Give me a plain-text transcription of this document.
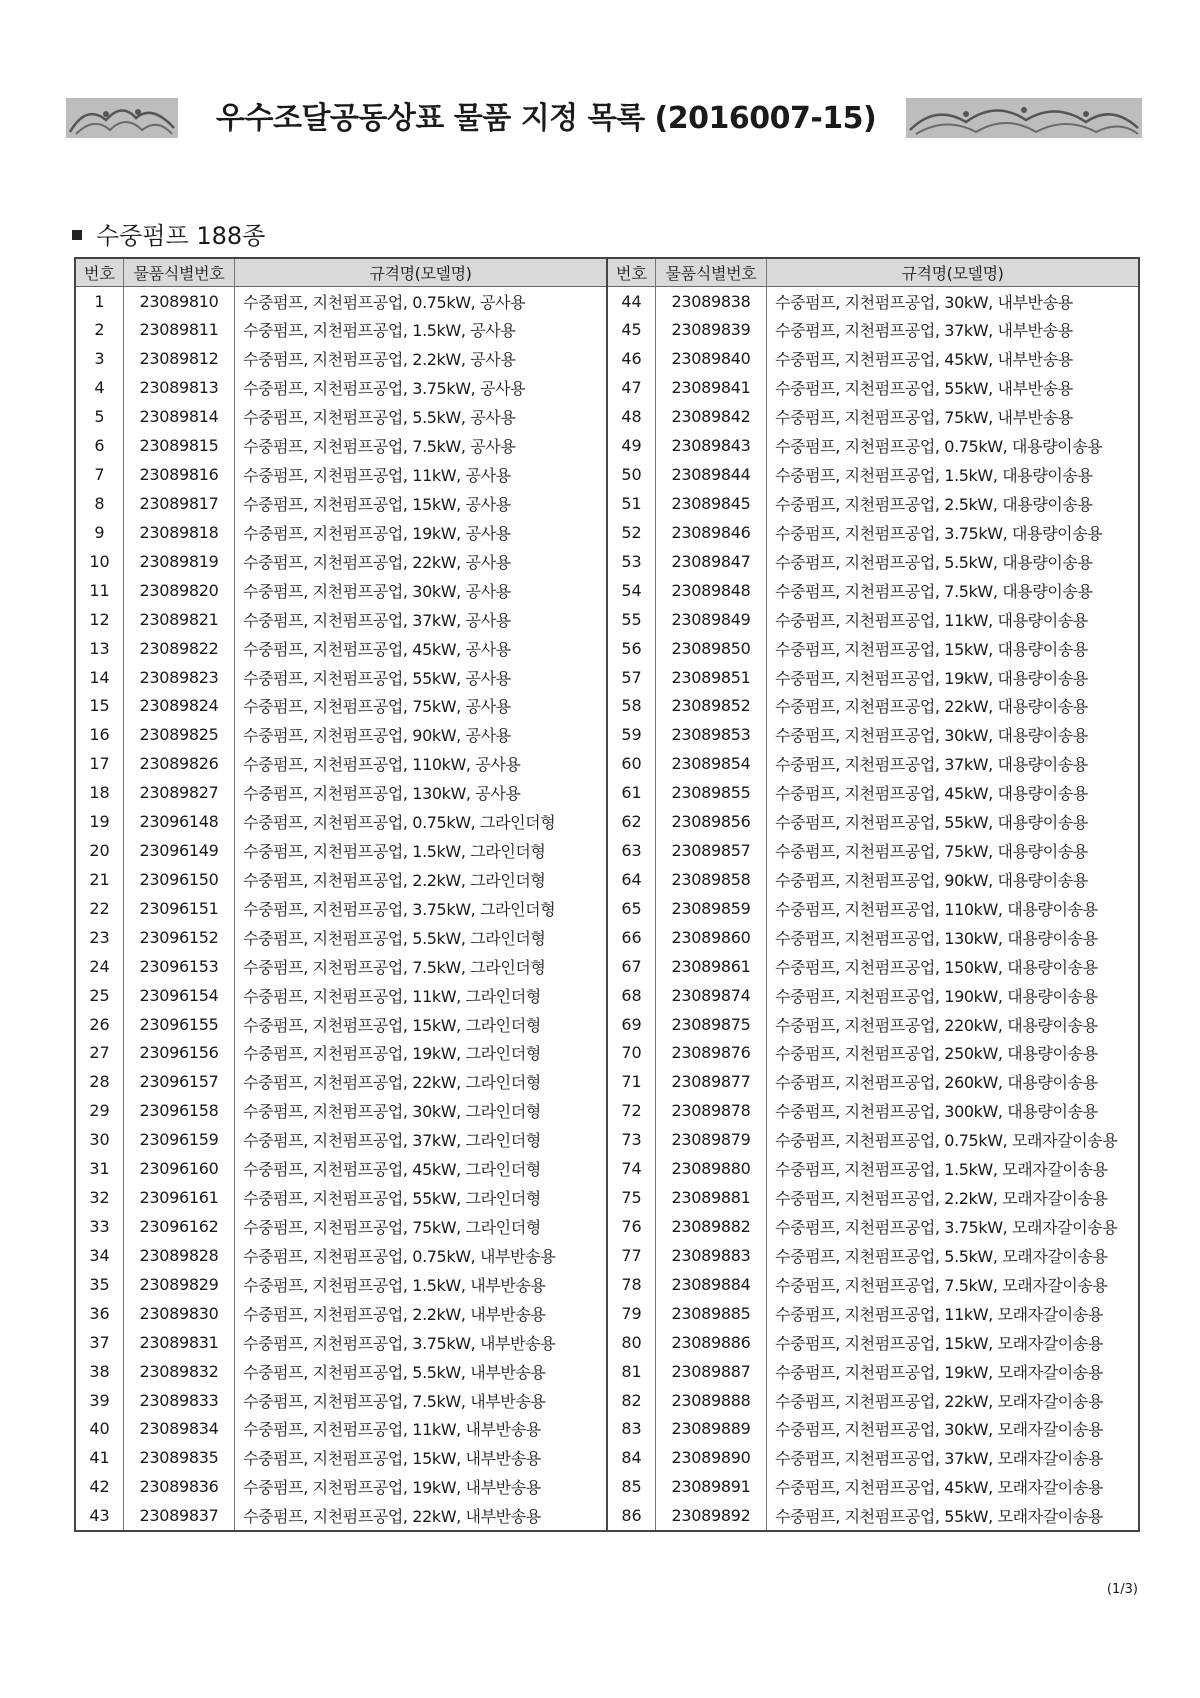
우수조달공동상표 물품 지정 목록 (2016007-15)
수중펌프 188종
번호	물품식별번호	규격명(모델명)
1	23089810	수중펌프, 지천펌프공업, 0.75kW, 공사용
2	23089811	수중펌프, 지천펌프공업, 1.5kW, 공사용
3	23089812	수중펌프, 지천펌프공업, 2.2kW, 공사용
4	23089813	수중펌프, 지천펌프공업, 3.75kW, 공사용
5	23089814	수중펌프, 지천펌프공업, 5.5kW, 공사용
6	23089815	수중펌프, 지천펌프공업, 7.5kW, 공사용
7	23089816	수중펌프, 지천펌프공업, 11kW, 공사용
8	23089817	수중펌프, 지천펌프공업, 15kW, 공사용
9	23089818	수중펌프, 지천펌프공업, 19kW, 공사용
10	23089819	수중펌프, 지천펌프공업, 22kW, 공사용
11	23089820	수중펌프, 지천펌프공업, 30kW, 공사용
12	23089821	수중펌프, 지천펌프공업, 37kW, 공사용
13	23089822	수중펌프, 지천펌프공업, 45kW, 공사용
14	23089823	수중펌프, 지천펌프공업, 55kW, 공사용
15	23089824	수중펌프, 지천펌프공업, 75kW, 공사용
16	23089825	수중펌프, 지천펌프공업, 90kW, 공사용
17	23089826	수중펌프, 지천펌프공업, 110kW, 공사용
18	23089827	수중펌프, 지천펌프공업, 130kW, 공사용
19	23096148	수중펌프, 지천펌프공업, 0.75kW, 그라인더형
20	23096149	수중펌프, 지천펌프공업, 1.5kW, 그라인더형
21	23096150	수중펌프, 지천펌프공업, 2.2kW, 그라인더형
22	23096151	수중펌프, 지천펌프공업, 3.75kW, 그라인더형
23	23096152	수중펌프, 지천펌프공업, 5.5kW, 그라인더형
24	23096153	수중펌프, 지천펌프공업, 7.5kW, 그라인더형
25	23096154	수중펌프, 지천펌프공업, 11kW, 그라인더형
26	23096155	수중펌프, 지천펌프공업, 15kW, 그라인더형
27	23096156	수중펌프, 지천펌프공업, 19kW, 그라인더형
28	23096157	수중펌프, 지천펌프공업, 22kW, 그라인더형
29	23096158	수중펌프, 지천펌프공업, 30kW, 그라인더형
30	23096159	수중펌프, 지천펌프공업, 37kW, 그라인더형
31	23096160	수중펌프, 지천펌프공업, 45kW, 그라인더형
32	23096161	수중펌프, 지천펌프공업, 55kW, 그라인더형
33	23096162	수중펌프, 지천펌프공업, 75kW, 그라인더형
34	23089828	수중펌프, 지천펌프공업, 0.75kW, 내부반송용
35	23089829	수중펌프, 지천펌프공업, 1.5kW, 내부반송용
36	23089830	수중펌프, 지천펌프공업, 2.2kW, 내부반송용
37	23089831	수중펌프, 지천펌프공업, 3.75kW, 내부반송용
38	23089832	수중펌프, 지천펌프공업, 5.5kW, 내부반송용
39	23089833	수중펌프, 지천펌프공업, 7.5kW, 내부반송용
40	23089834	수중펌프, 지천펌프공업, 11kW, 내부반송용
41	23089835	수중펌프, 지천펌프공업, 15kW, 내부반송용
42	23089836	수중펌프, 지천펌프공업, 19kW, 내부반송용
43	23089837	수중펌프, 지천펌프공업, 22kW, 내부반송용
번호	물품식별번호	규격명(모델명)
44	23089838	수중펌프, 지천펌프공업, 30kW, 내부반송용
45	23089839	수중펌프, 지천펌프공업, 37kW, 내부반송용
46	23089840	수중펌프, 지천펌프공업, 45kW, 내부반송용
47	23089841	수중펌프, 지천펌프공업, 55kW, 내부반송용
48	23089842	수중펌프, 지천펌프공업, 75kW, 내부반송용
49	23089843	수중펌프, 지천펌프공업, 0.75kW, 대용량이송용
50	23089844	수중펌프, 지천펌프공업, 1.5kW, 대용량이송용
51	23089845	수중펌프, 지천펌프공업, 2.5kW, 대용량이송용
52	23089846	수중펌프, 지천펌프공업, 3.75kW, 대용량이송용
53	23089847	수중펌프, 지천펌프공업, 5.5kW, 대용량이송용
54	23089848	수중펌프, 지천펌프공업, 7.5kW, 대용량이송용
55	23089849	수중펌프, 지천펌프공업, 11kW, 대용량이송용
56	23089850	수중펌프, 지천펌프공업, 15kW, 대용량이송용
57	23089851	수중펌프, 지천펌프공업, 19kW, 대용량이송용
58	23089852	수중펌프, 지천펌프공업, 22kW, 대용량이송용
59	23089853	수중펌프, 지천펌프공업, 30kW, 대용량이송용
60	23089854	수중펌프, 지천펌프공업, 37kW, 대용량이송용
61	23089855	수중펌프, 지천펌프공업, 45kW, 대용량이송용
62	23089856	수중펌프, 지천펌프공업, 55kW, 대용량이송용
63	23089857	수중펌프, 지천펌프공업, 75kW, 대용량이송용
64	23089858	수중펌프, 지천펌프공업, 90kW, 대용량이송용
65	23089859	수중펌프, 지천펌프공업, 110kW, 대용량이송용
66	23089860	수중펌프, 지천펌프공업, 130kW, 대용량이송용
67	23089861	수중펌프, 지천펌프공업, 150kW, 대용량이송용
68	23089874	수중펌프, 지천펌프공업, 190kW, 대용량이송용
69	23089875	수중펌프, 지천펌프공업, 220kW, 대용량이송용
70	23089876	수중펌프, 지천펌프공업, 250kW, 대용량이송용
71	23089877	수중펌프, 지천펌프공업, 260kW, 대용량이송용
72	23089878	수중펌프, 지천펌프공업, 300kW, 대용량이송용
73	23089879	수중펌프, 지천펌프공업, 0.75kW, 모래자갈이송용
74	23089880	수중펌프, 지천펌프공업, 1.5kW, 모래자갈이송용
75	23089881	수중펌프, 지천펌프공업, 2.2kW, 모래자갈이송용
76	23089882	수중펌프, 지천펌프공업, 3.75kW, 모래자갈이송용
77	23089883	수중펌프, 지천펌프공업, 5.5kW, 모래자갈이송용
78	23089884	수중펌프, 지천펌프공업, 7.5kW, 모래자갈이송용
79	23089885	수중펌프, 지천펌프공업, 11kW, 모래자갈이송용
80	23089886	수중펌프, 지천펌프공업, 15kW, 모래자갈이송용
81	23089887	수중펌프, 지천펌프공업, 19kW, 모래자갈이송용
82	23089888	수중펌프, 지천펌프공업, 22kW, 모래자갈이송용
83	23089889	수중펌프, 지천펌프공업, 30kW, 모래자갈이송용
84	23089890	수중펌프, 지천펌프공업, 37kW, 모래자갈이송용
85	23089891	수중펌프, 지천펌프공업, 45kW, 모래자갈이송용
86	23089892	수중펌프, 지천펌프공업, 55kW, 모래자갈이송용
(1/3)
